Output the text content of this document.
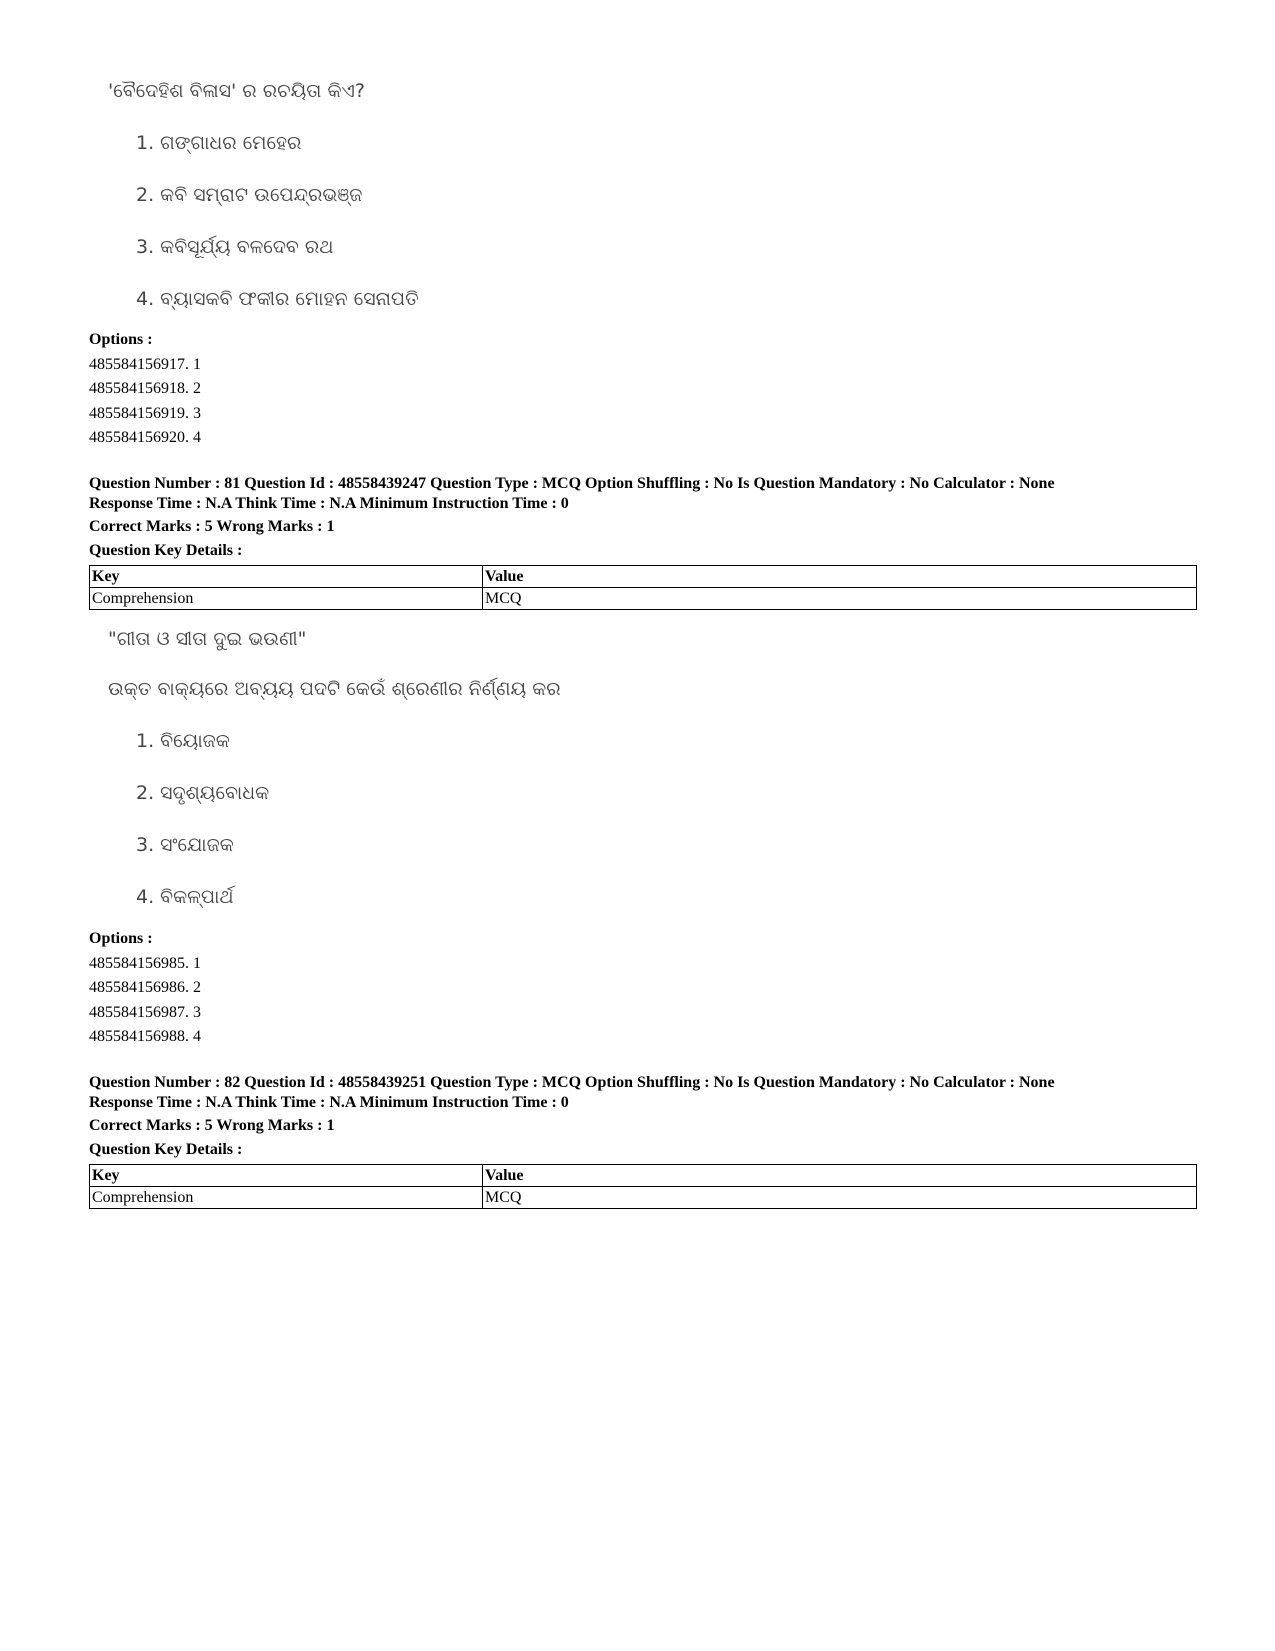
'ବୈଦେହିଶ ବିଳାସ' ର ରଚୟିତା କିଏ?
1. ଗଙ୍ଗାଧର ମେହେର
2. କବି ସମ୍ରାଟ ଉପେନ୍ଦ୍ରଭଞ୍ଜ
3. କବିସୂର୍ଯ୍ୟ ବଳଦେବ ରଥ
4. ବ୍ୟାସକବି ଫକୀର ମୋହନ ସେନାପତି
Options :
485584156917. 1
485584156918. 2
485584156919. 3
485584156920. 4
Question Number : 81 Question Id : 48558439247 Question Type : MCQ Option Shuffling : No Is Question Mandatory : No Calculator : None
Response Time : N.A Think Time : N.A Minimum Instruction Time : 0
Correct Marks : 5 Wrong Marks : 1
Question Key Details :
Key	Value
Comprehension	MCQ
"ଗୀତା ଓ ସୀତା ଦୁଇ ଭଉଣୀ"
ଉକ୍ତ ବାକ୍ୟରେ ଅବ୍ୟୟ ପଦଟି କେଉଁ ଶ୍ରେଣୀର ନିର୍ଣ୍ଣୟ କର
1. ବିୟୋଜକ
2. ସଦୃଶ୍ୟବୋଧକ
3. ସଂଯୋଜକ
4. ବିକଳ୍ପାର୍ଥ
Options :
485584156985. 1
485584156986. 2
485584156987. 3
485584156988. 4
Question Number : 82 Question Id : 48558439251 Question Type : MCQ Option Shuffling : No Is Question Mandatory : No Calculator : None
Response Time : N.A Think Time : N.A Minimum Instruction Time : 0
Correct Marks : 5 Wrong Marks : 1
Question Key Details :
Key	Value
Comprehension	MCQ
